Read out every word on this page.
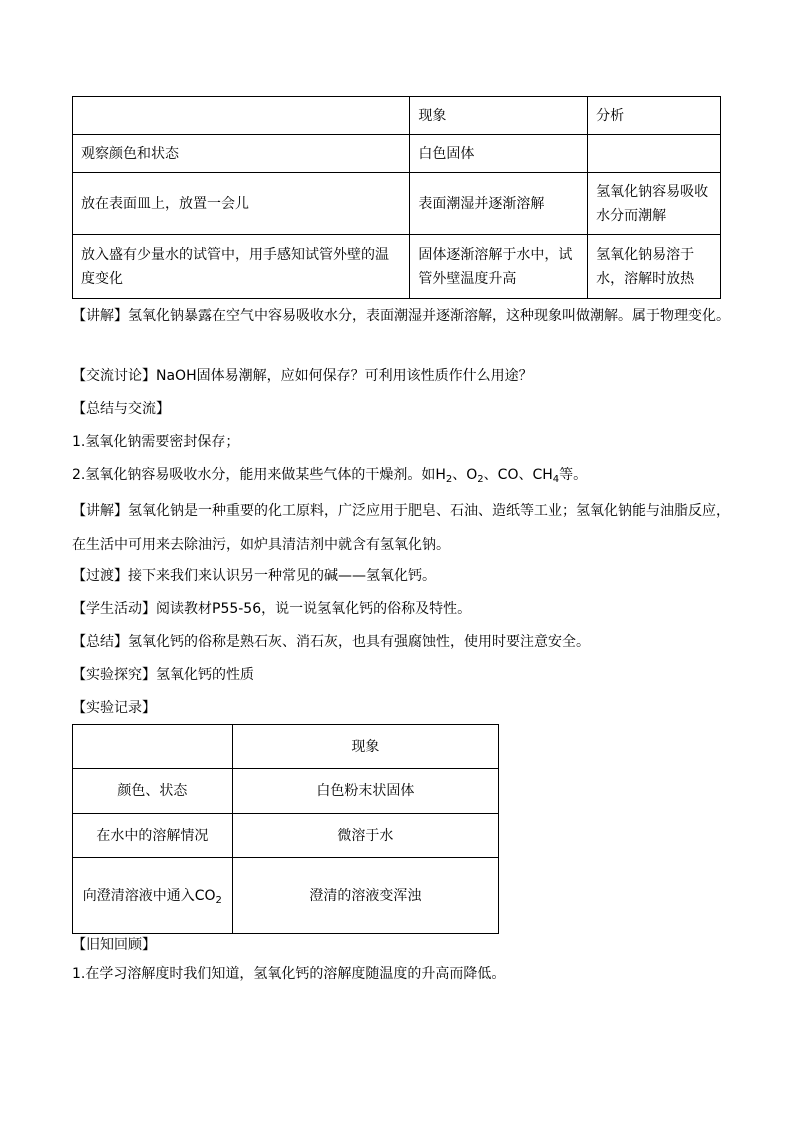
	现象	分析
观察颜色和状态	白色固体	
放在表面皿上，放置一会儿	表面潮湿并逐渐溶解	氢氧化钠容易吸收水分而潮解
放入盛有少量水的试管中，用手感知试管外壁的温度变化	固体逐渐溶解于水中，试管外壁温度升高	氢氧化钠易溶于水，溶解时放热

【讲解】氢氧化钠暴露在空气中容易吸收水分，表面潮湿并逐渐溶解，这种现象叫做潮解。属于物理变化。

【交流讨论】NaOH固体易潮解，应如何保存？可利用该性质作什么用途？

【总结与交流】

1.氢氧化钠需要密封保存；

2.氢氧化钠容易吸收水分，能用来做某些气体的干燥剂。如$H_2$、$O_2$、CO、$CH_4$等。

【讲解】氢氧化钠是一种重要的化工原料，广泛应用于肥皂、石油、造纸等工业；氢氧化钠能与油脂反应，在生活中可用来去除油污，如炉具清洁剂中就含有氢氧化钠。

【过渡】接下来我们来认识另一种常见的碱——氢氧化钙。

【学生活动】阅读教材P55-56，说一说氢氧化钙的俗称及特性。

【总结】氢氧化钙的俗称是熟石灰、消石灰，也具有强腐蚀性，使用时要注意安全。

【实验探究】氢氧化钙的性质

【实验记录】

	现象
颜色、状态	白色粉末状固体
在水中的溶解情况	微溶于水
向澄清溶液中通入$CO_2$	澄清的溶液变浑浊

【旧知回顾】

1.在学习溶解度时我们知道，氢氧化钙的溶解度随温度的升高而降低。
